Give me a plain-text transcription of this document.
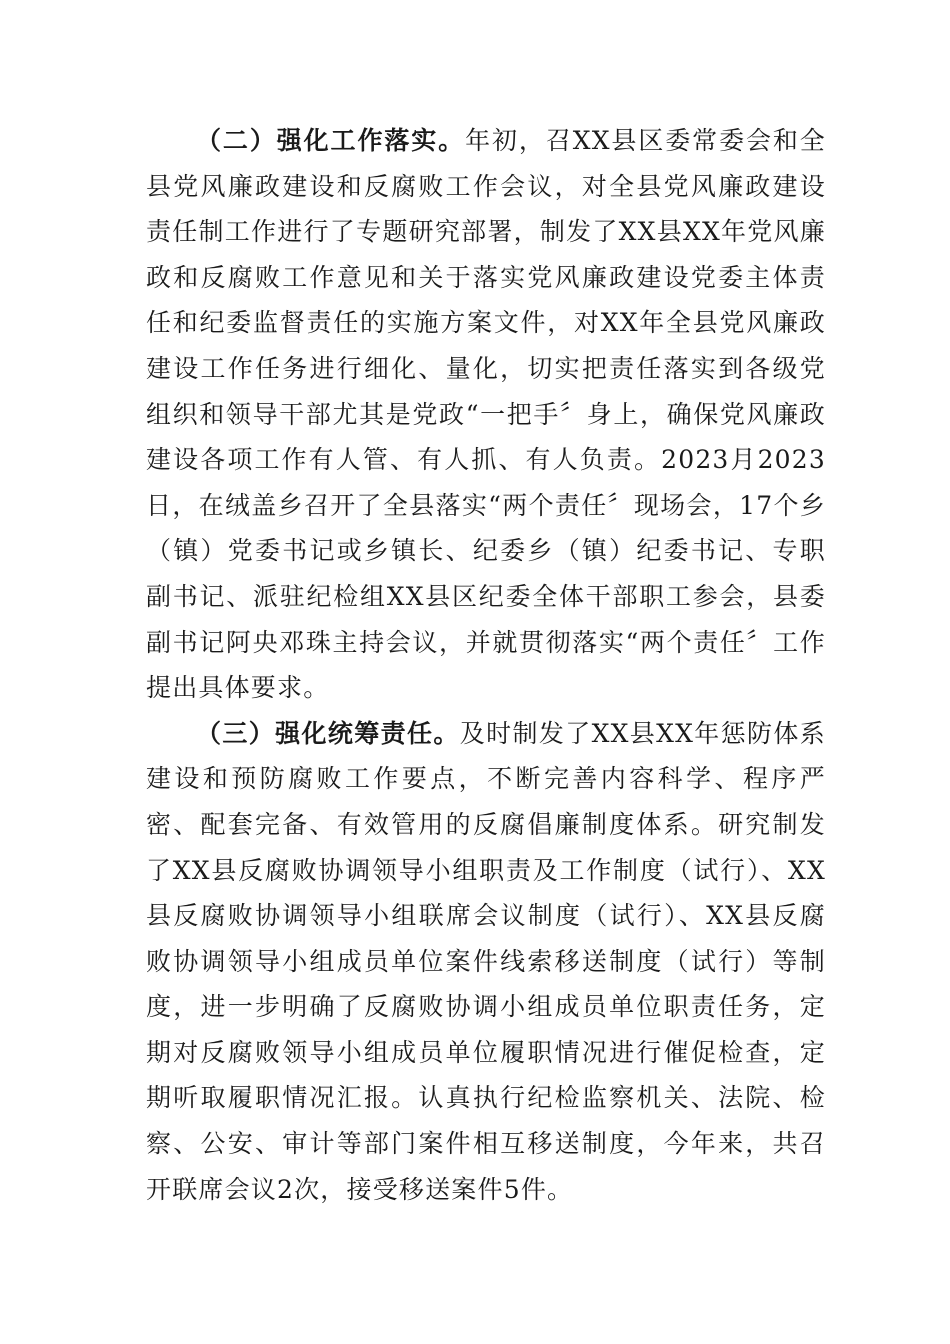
（二）强化工作落实。年初，召XX县区委常委会和全县党风廉政建设和反腐败工作会议，对全县党风廉政建设责任制工作进行了专题研究部署，制发了XX县XX年党风廉政和反腐败工作意见和关于落实党风廉政建设党委主体责任和纪委监督责任的实施方案文件，对XX年全县党风廉政建设工作任务进行细化、量化，切实把责任落实到各级党组织和领导干部尤其是党政“一把手〞身上，确保党风廉政建设各项工作有人管、有人抓、有人负责。2023月2023日，在绒盖乡召开了全县落实“两个责任〞现场会，17个乡（镇）党委书记或乡镇长、纪委乡（镇）纪委书记、专职副书记、派驻纪检组XX县区纪委全体干部职工参会，县委副书记阿央邓珠主持会议，并就贯彻落实“两个责任〞工作提出具体要求。

（三）强化统筹责任。及时制发了XX县XX年惩防体系建设和预防腐败工作要点，不断完善内容科学、程序严密、配套完备、有效管用的反腐倡廉制度体系。研究制发了XX县反腐败协调领导小组职责及工作制度（试行）、XX县反腐败协调领导小组联席会议制度（试行）、XX县反腐败协调领导小组成员单位案件线索移送制度（试行）等制度，进一步明确了反腐败协调小组成员单位职责任务，定期对反腐败领导小组成员单位履职情况进行催促检查，定期听取履职情况汇报。认真执行纪检监察机关、法院、检察、公安、审计等部门案件相互移送制度，今年来，共召开联席会议2次，接受移送案件5件。
